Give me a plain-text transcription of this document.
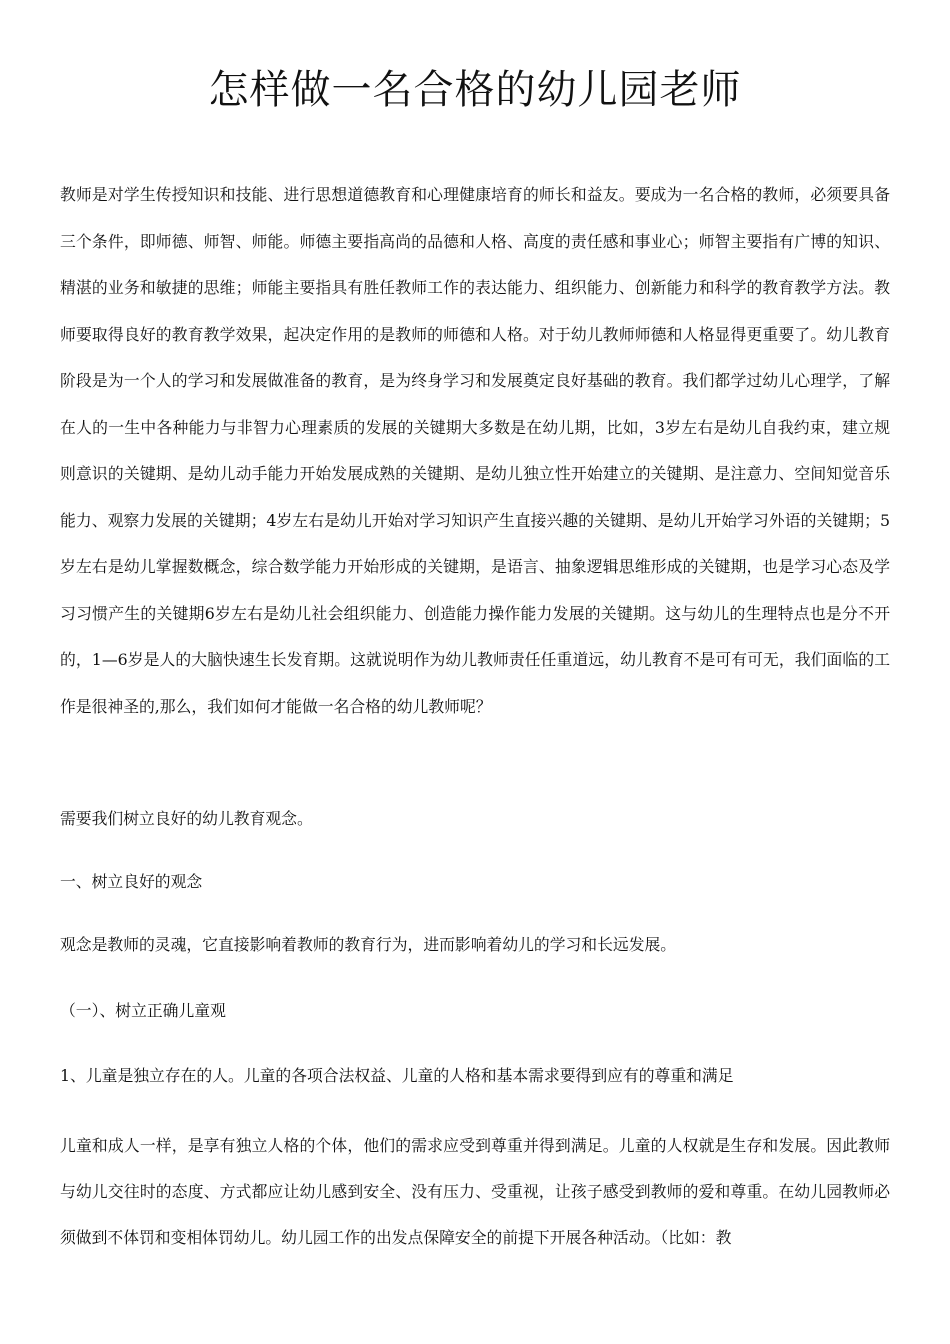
怎样做一名合格的幼儿园老师

教师是对学生传授知识和技能、进行思想道德教育和心理健康培育的师长和益友。要成为一名合格的教师，必须要具备三个条件，即师德、师智、师能。师德主要指高尚的品德和人格、高度的责任感和事业心；师智主要指有广博的知识、精湛的业务和敏捷的思维；师能主要指具有胜任教师工作的表达能力、组织能力、创新能力和科学的教育教学方法。教师要取得良好的教育教学效果，起决定作用的是教师的师德和人格。对于幼儿教师师德和人格显得更重要了。幼儿教育阶段是为一个人的学习和发展做准备的教育，是为终身学习和发展奠定良好基础的教育。我们都学过幼儿心理学，了解在人的一生中各种能力与非智力心理素质的发展的关键期大多数是在幼儿期，比如，3岁左右是幼儿自我约束，建立规则意识的关键期、是幼儿动手能力开始发展成熟的关键期、是幼儿独立性开始建立的关键期、是注意力、空间知觉音乐能力、观察力发展的关键期；4岁左右是幼儿开始对学习知识产生直接兴趣的关键期、是幼儿开始学习外语的关键期；5岁左右是幼儿掌握数概念，综合数学能力开始形成的关键期，是语言、抽象逻辑思维形成的关键期，也是学习心态及学习习惯产生的关键期6岁左右是幼儿社会组织能力、创造能力操作能力发展的关键期。这与幼儿的生理特点也是分不开的，1—6岁是人的大脑快速生长发育期。这就说明作为幼儿教师责任任重道远，幼儿教育不是可有可无，我们面临的工作是很神圣的,那么，我们如何才能做一名合格的幼儿教师呢？

需要我们树立良好的幼儿教育观念。

一、树立良好的观念

观念是教师的灵魂，它直接影响着教师的教育行为，进而影响着幼儿的学习和长远发展。

（一）、树立正确儿童观

1、儿童是独立存在的人。儿童的各项合法权益、儿童的人格和基本需求要得到应有的尊重和满足

儿童和成人一样，是享有独立人格的个体，他们的需求应受到尊重并得到满足。儿童的人权就是生存和发展。因此教师与幼儿交往时的态度、方式都应让幼儿感到安全、没有压力、受重视，让孩子感受到教师的爱和尊重。在幼儿园教师必须做到不体罚和变相体罚幼儿。幼儿园工作的出发点保障安全的前提下开展各种活动。（比如：教
